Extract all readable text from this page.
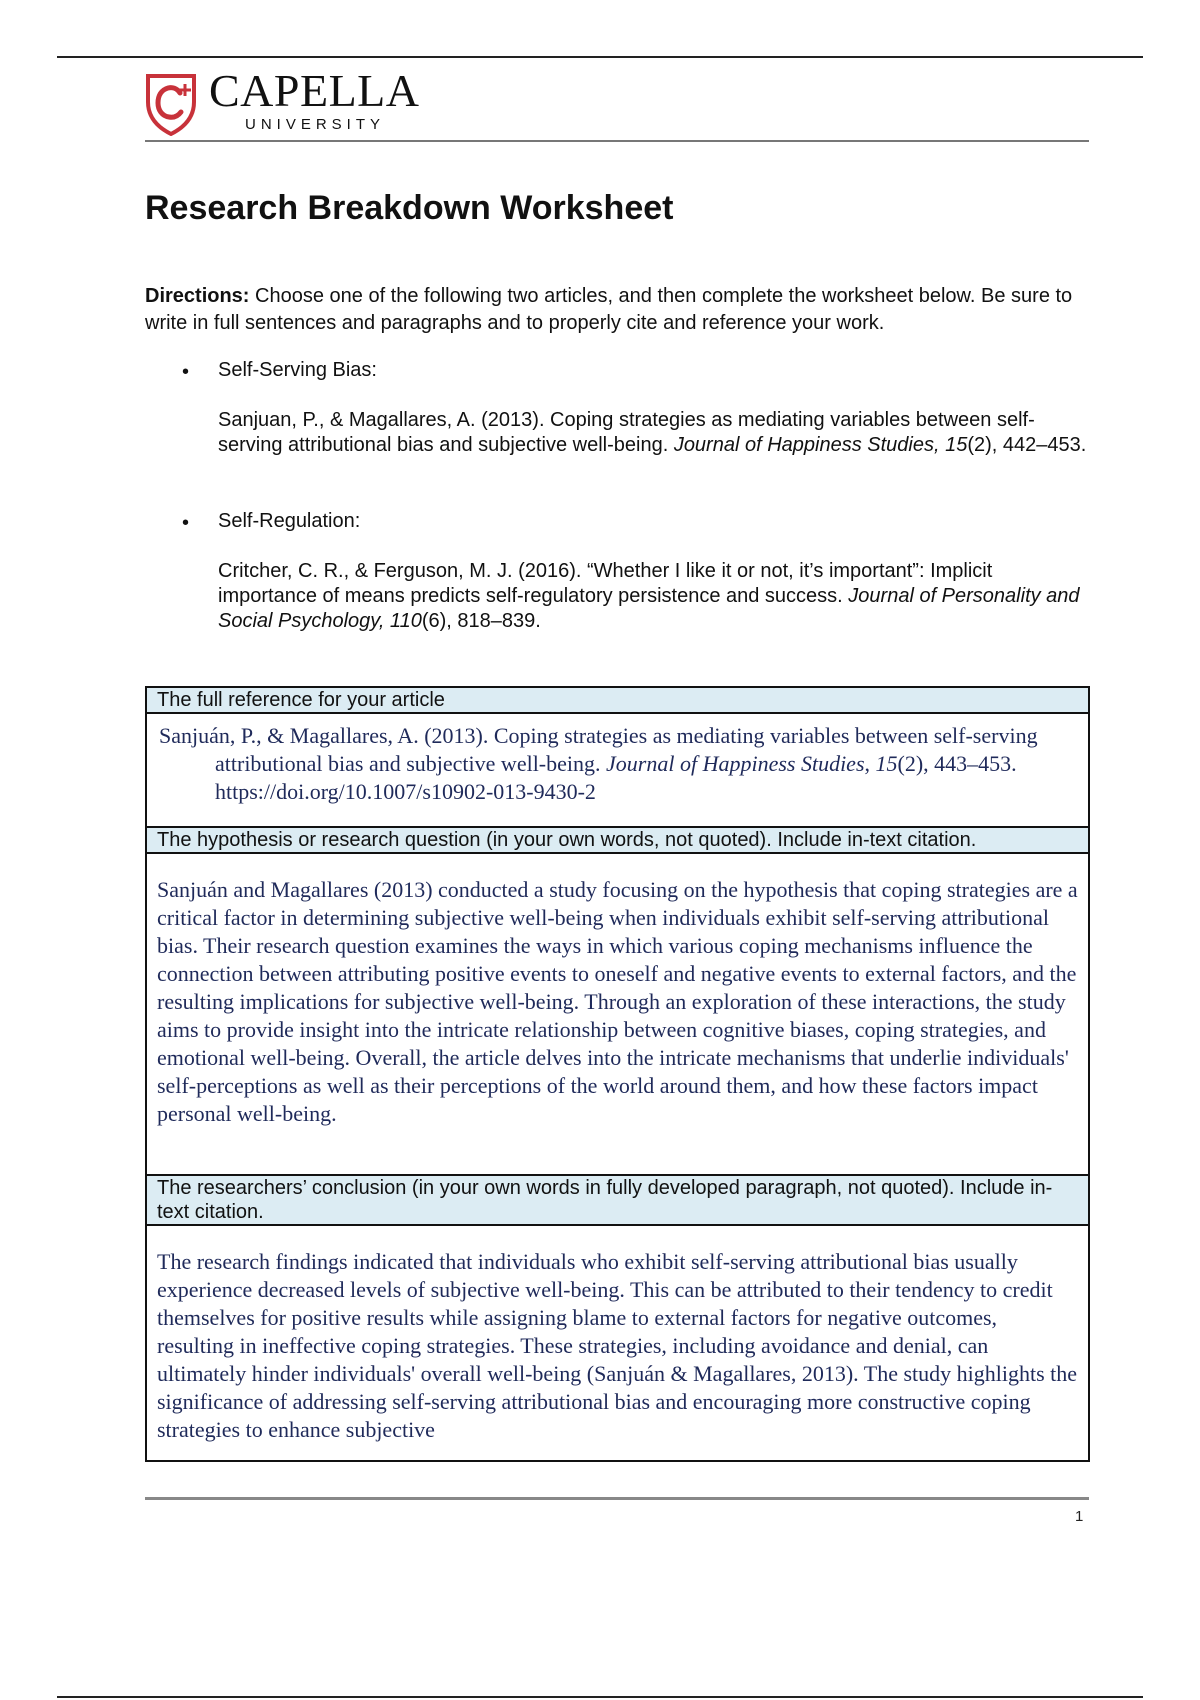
CAPELLA
UNIVERSITY
Research Breakdown Worksheet

Directions: Choose one of the following two articles, and then complete the worksheet below. Be sure to write in full sentences and paragraphs and to properly cite and reference your work.

• Self-Serving Bias:

Sanjuan, P., & Magallares, A. (2013). Coping strategies as mediating variables between self-serving attributional bias and subjective well-being. Journal of Happiness Studies, 15(2), 442–453.

• Self-Regulation:

Critcher, C. R., & Ferguson, M. J. (2016). “Whether I like it or not, it’s important”: Implicit importance of means predicts self-regulatory persistence and success. Journal of Personality and Social Psychology, 110(6), 818–839.

The full reference for your article

Sanjuán, P., & Magallares, A. (2013). Coping strategies as mediating variables between self-serving attributional bias and subjective well-being. Journal of Happiness Studies, 15(2), 443–453. https://doi.org/10.1007/s10902-013-9430-2

The hypothesis or research question (in your own words, not quoted). Include in-text citation.
Sanjuán and Magallares (2013) conducted a study focusing on the hypothesis that coping strategies are a critical factor in determining subjective well-being when individuals exhibit self-serving attributional bias. Their research question examines the ways in which various coping mechanisms influence the connection between attributing positive events to oneself and negative events to external factors, and the resulting implications for subjective well-being. Through an exploration of these interactions, the study aims to provide insight into the intricate relationship between cognitive biases, coping strategies, and emotional well-being. Overall, the article delves into the intricate mechanisms that underlie individuals' self-perceptions as well as their perceptions of the world around them, and how these factors impact personal well-being.
The researchers’ conclusion (in your own words in fully developed paragraph, not quoted). Include in-text citation.

The research findings indicated that individuals who exhibit self-serving attributional bias usually experience decreased levels of subjective well-being. This can be attributed to their tendency to credit themselves for positive results while assigning blame to external factors for negative outcomes, resulting in ineffective coping strategies. These strategies, including avoidance and denial, can ultimately hinder individuals' overall well-being (Sanjuán & Magallares, 2013). The study highlights the significance of addressing self-serving attributional bias and encouraging more constructive coping strategies to enhance subjective
1
